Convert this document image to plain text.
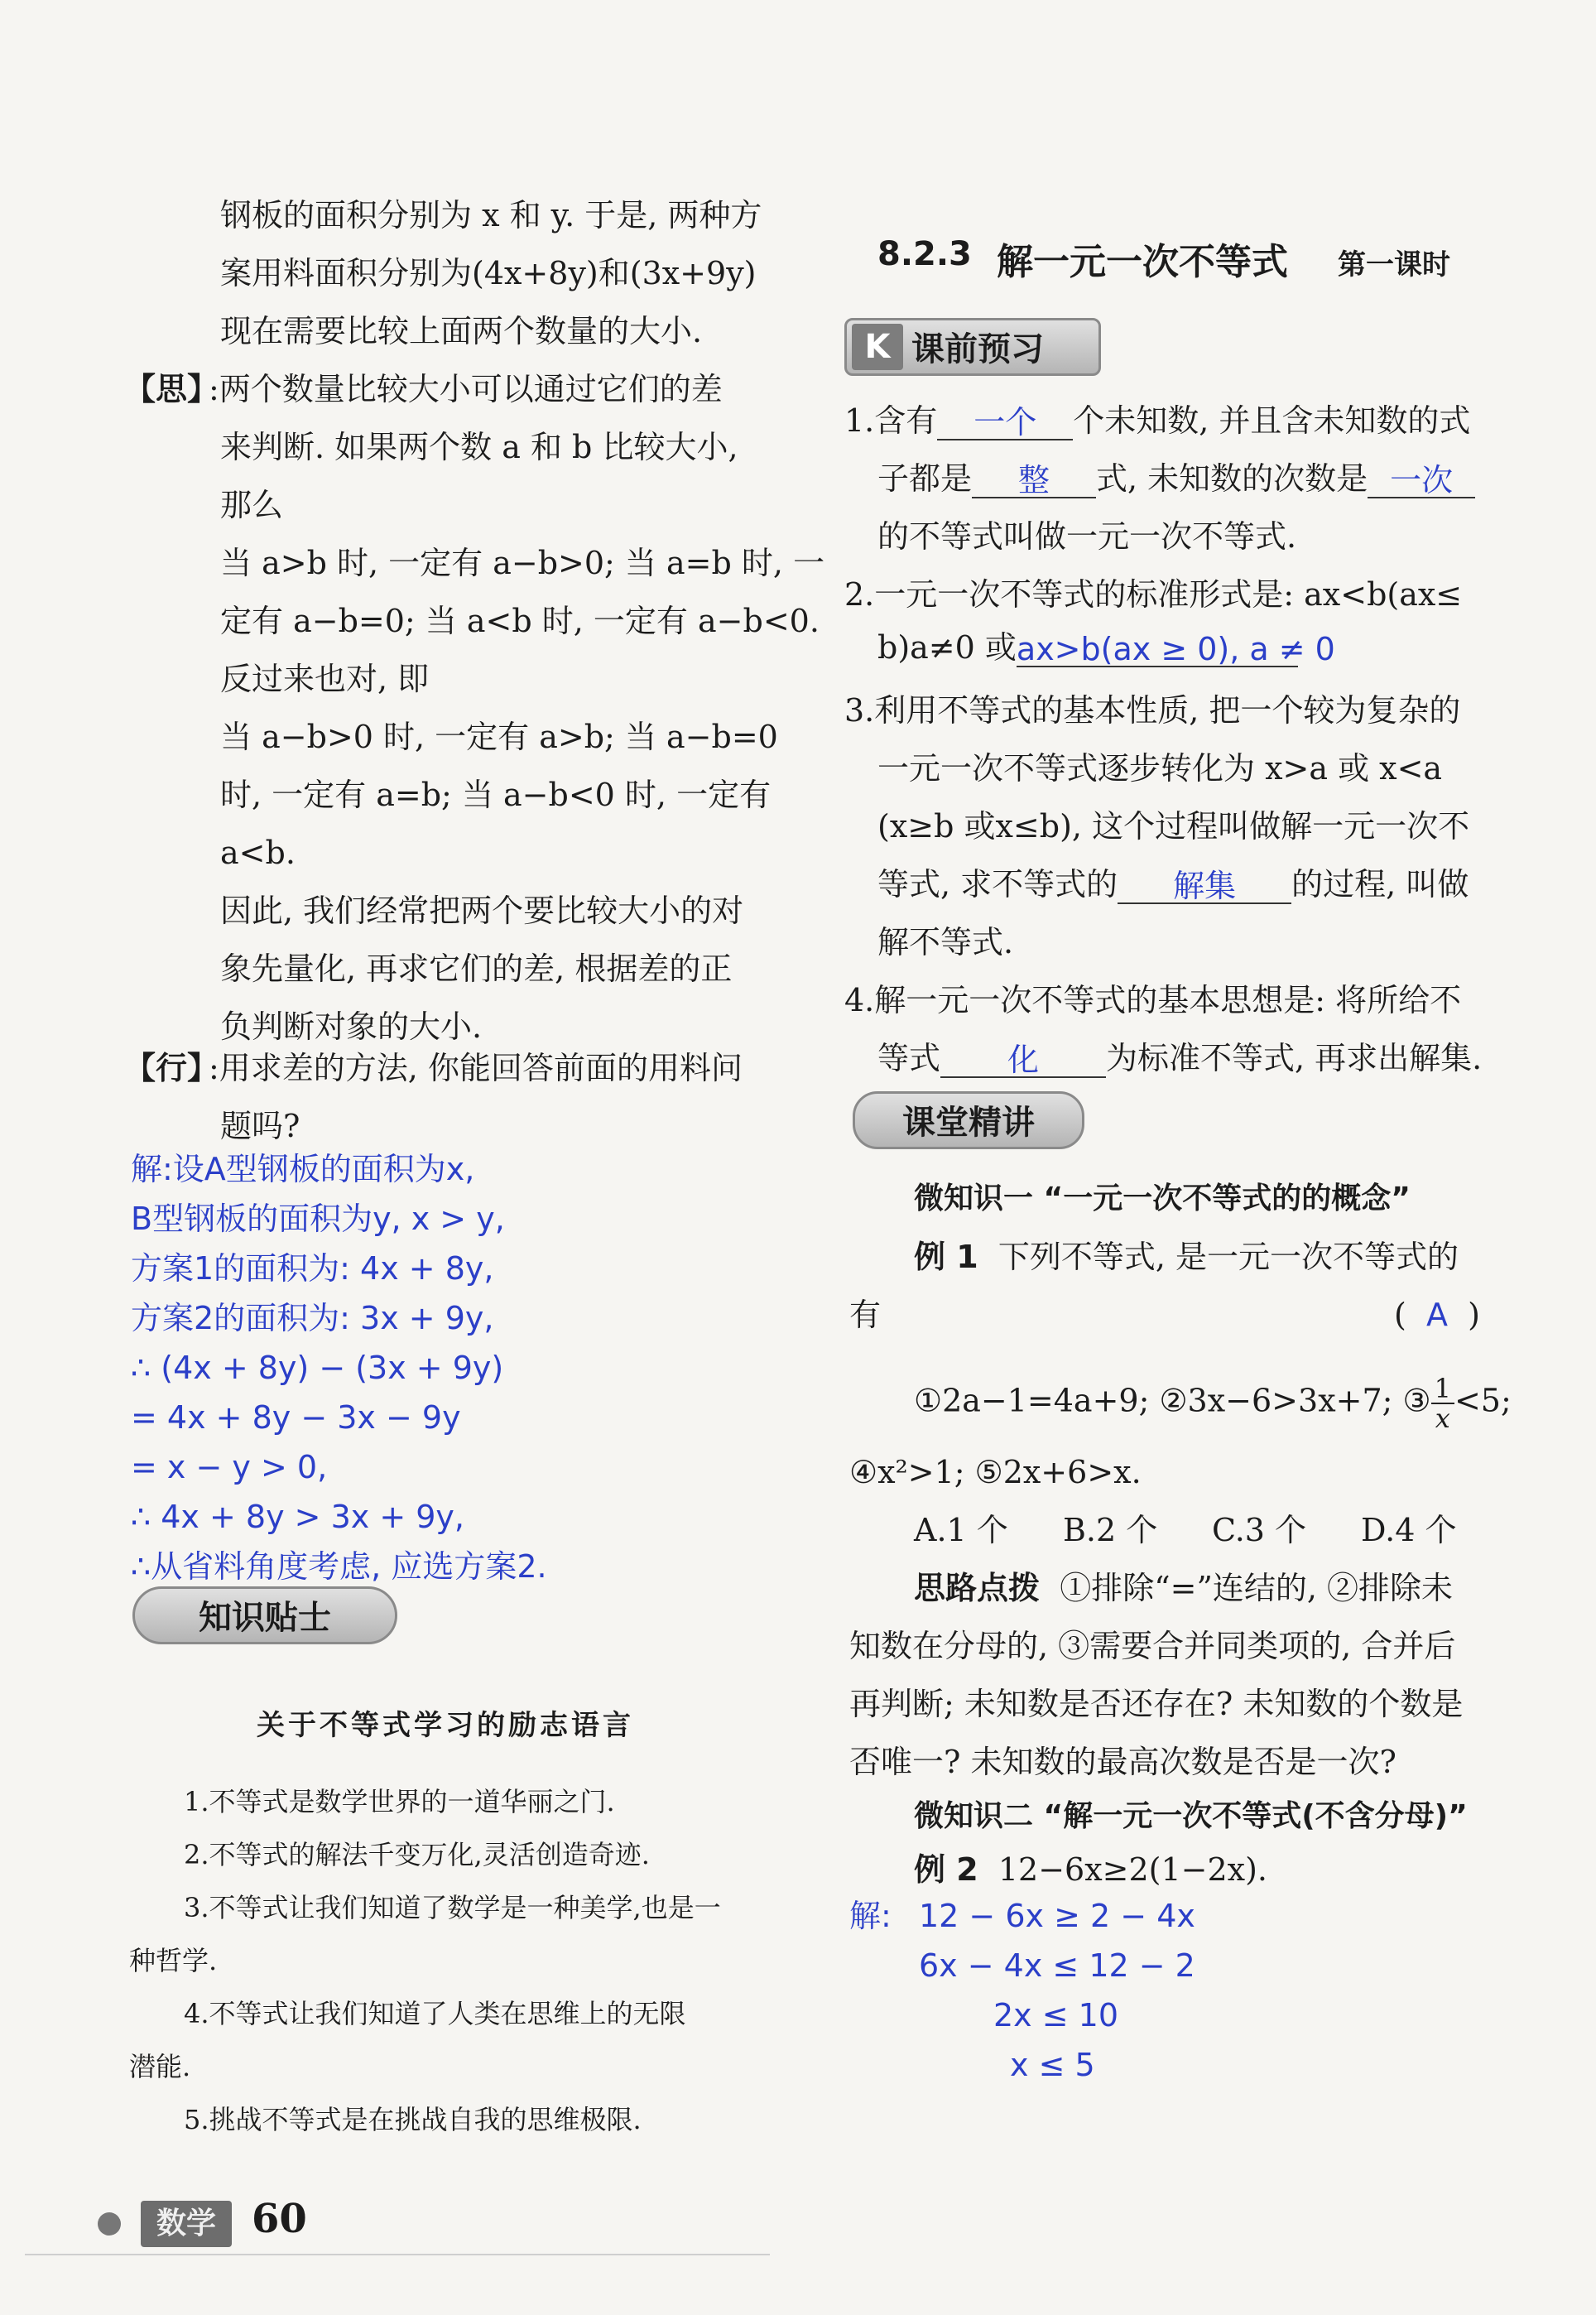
钢板的面积分别为 x 和 y. 于是, 两种方
案用料面积分别为(4x+8y)和(3x+9y)
现在需要比较上面两个数量的大小.
【思】
:两个数量比较大小可以通过它们的差
来判断. 如果两个数 a 和 b 比较大小,
那么
当 a>b 时, 一定有 a−b>0; 当 a=b 时, 一
定有 a−b=0; 当 a<b 时, 一定有 a−b<0.
反过来也对, 即
当 a−b>0 时, 一定有 a>b; 当 a−b=0
时, 一定有 a=b; 当 a−b<0 时, 一定有
a<b.
因此, 我们经常把两个要比较大小的对
象先量化, 再求它们的差, 根据差的正
负判断对象的大小.
【行】
:用求差的方法, 你能回答前面的用料问
题吗?
解:设A型钢板的面积为x,
B型钢板的面积为y, x > y,
方案1的面积为: 4x + 8y,
方案2的面积为: 3x + 9y,
∴ (4x + 8y) − (3x + 9y)
= 4x + 8y − 3x − 9y
= x − y > 0,
∴ 4x + 8y > 3x + 9y,
∴从省料角度考虑, 应选方案2.
知识贴士
关于不等式学习的励志语言
1.不等式是数学世界的一道华丽之门.
2.不等式的解法千变万化,灵活创造奇迹.
3.不等式让我们知道了数学是一种美学,也是一
种哲学.
4.不等式让我们知道了人类在思维上的无限
潜能.
5.挑战不等式是在挑战自我的思维极限.
8.2.3 解一元一次不等式 第一课时
K 课前预习
1.含有 一个 个未知数, 并且含未知数的式
子都是 整 式, 未知数的次数是 一次
的不等式叫做一元一次不等式.
2.一元一次不等式的标准形式是: ax<b(ax≤
b)a≠0 或ax>b(ax ≥ 0), a ≠ 0
3.利用不等式的基本性质, 把一个较为复杂的
一元一次不等式逐步转化为 x>a 或 x<a
(x≥b 或x≤b), 这个过程叫做解一元一次不
等式, 求不等式的 解集 的过程, 叫做
解不等式.
4.解一元一次不等式的基本思想是: 将所给不
等式 化 为标准不等式, 再求出解集.
课堂精讲
微知识一 “一元一次不等式的的概念”
例 1 下列不等式, 是一元一次不等式的
有	(  A  )
①2a−1=4a+9; ②3x−6>3x+7; ③ $\frac{1}{x} <5$;
④x²>1; ⑤2x+6>x.
A.1 个 B.2 个 C.3 个 D.4 个
思路点拨 ①排除“=”连结的, ②排除未
知数在分母的, ③需要合并同类项的, 合并后
再判断; 未知数是否还存在? 未知数的个数是
否唯一? 未知数的最高次数是否是一次?
微知识二 “解一元一次不等式(不含分母)”
例 2 12−6x≥2(1−2x).
解: 12 − 6x ≥ 2 − 4x
6x − 4x ≤ 12 − 2
2x ≤ 10
x ≤ 5
数学 60
